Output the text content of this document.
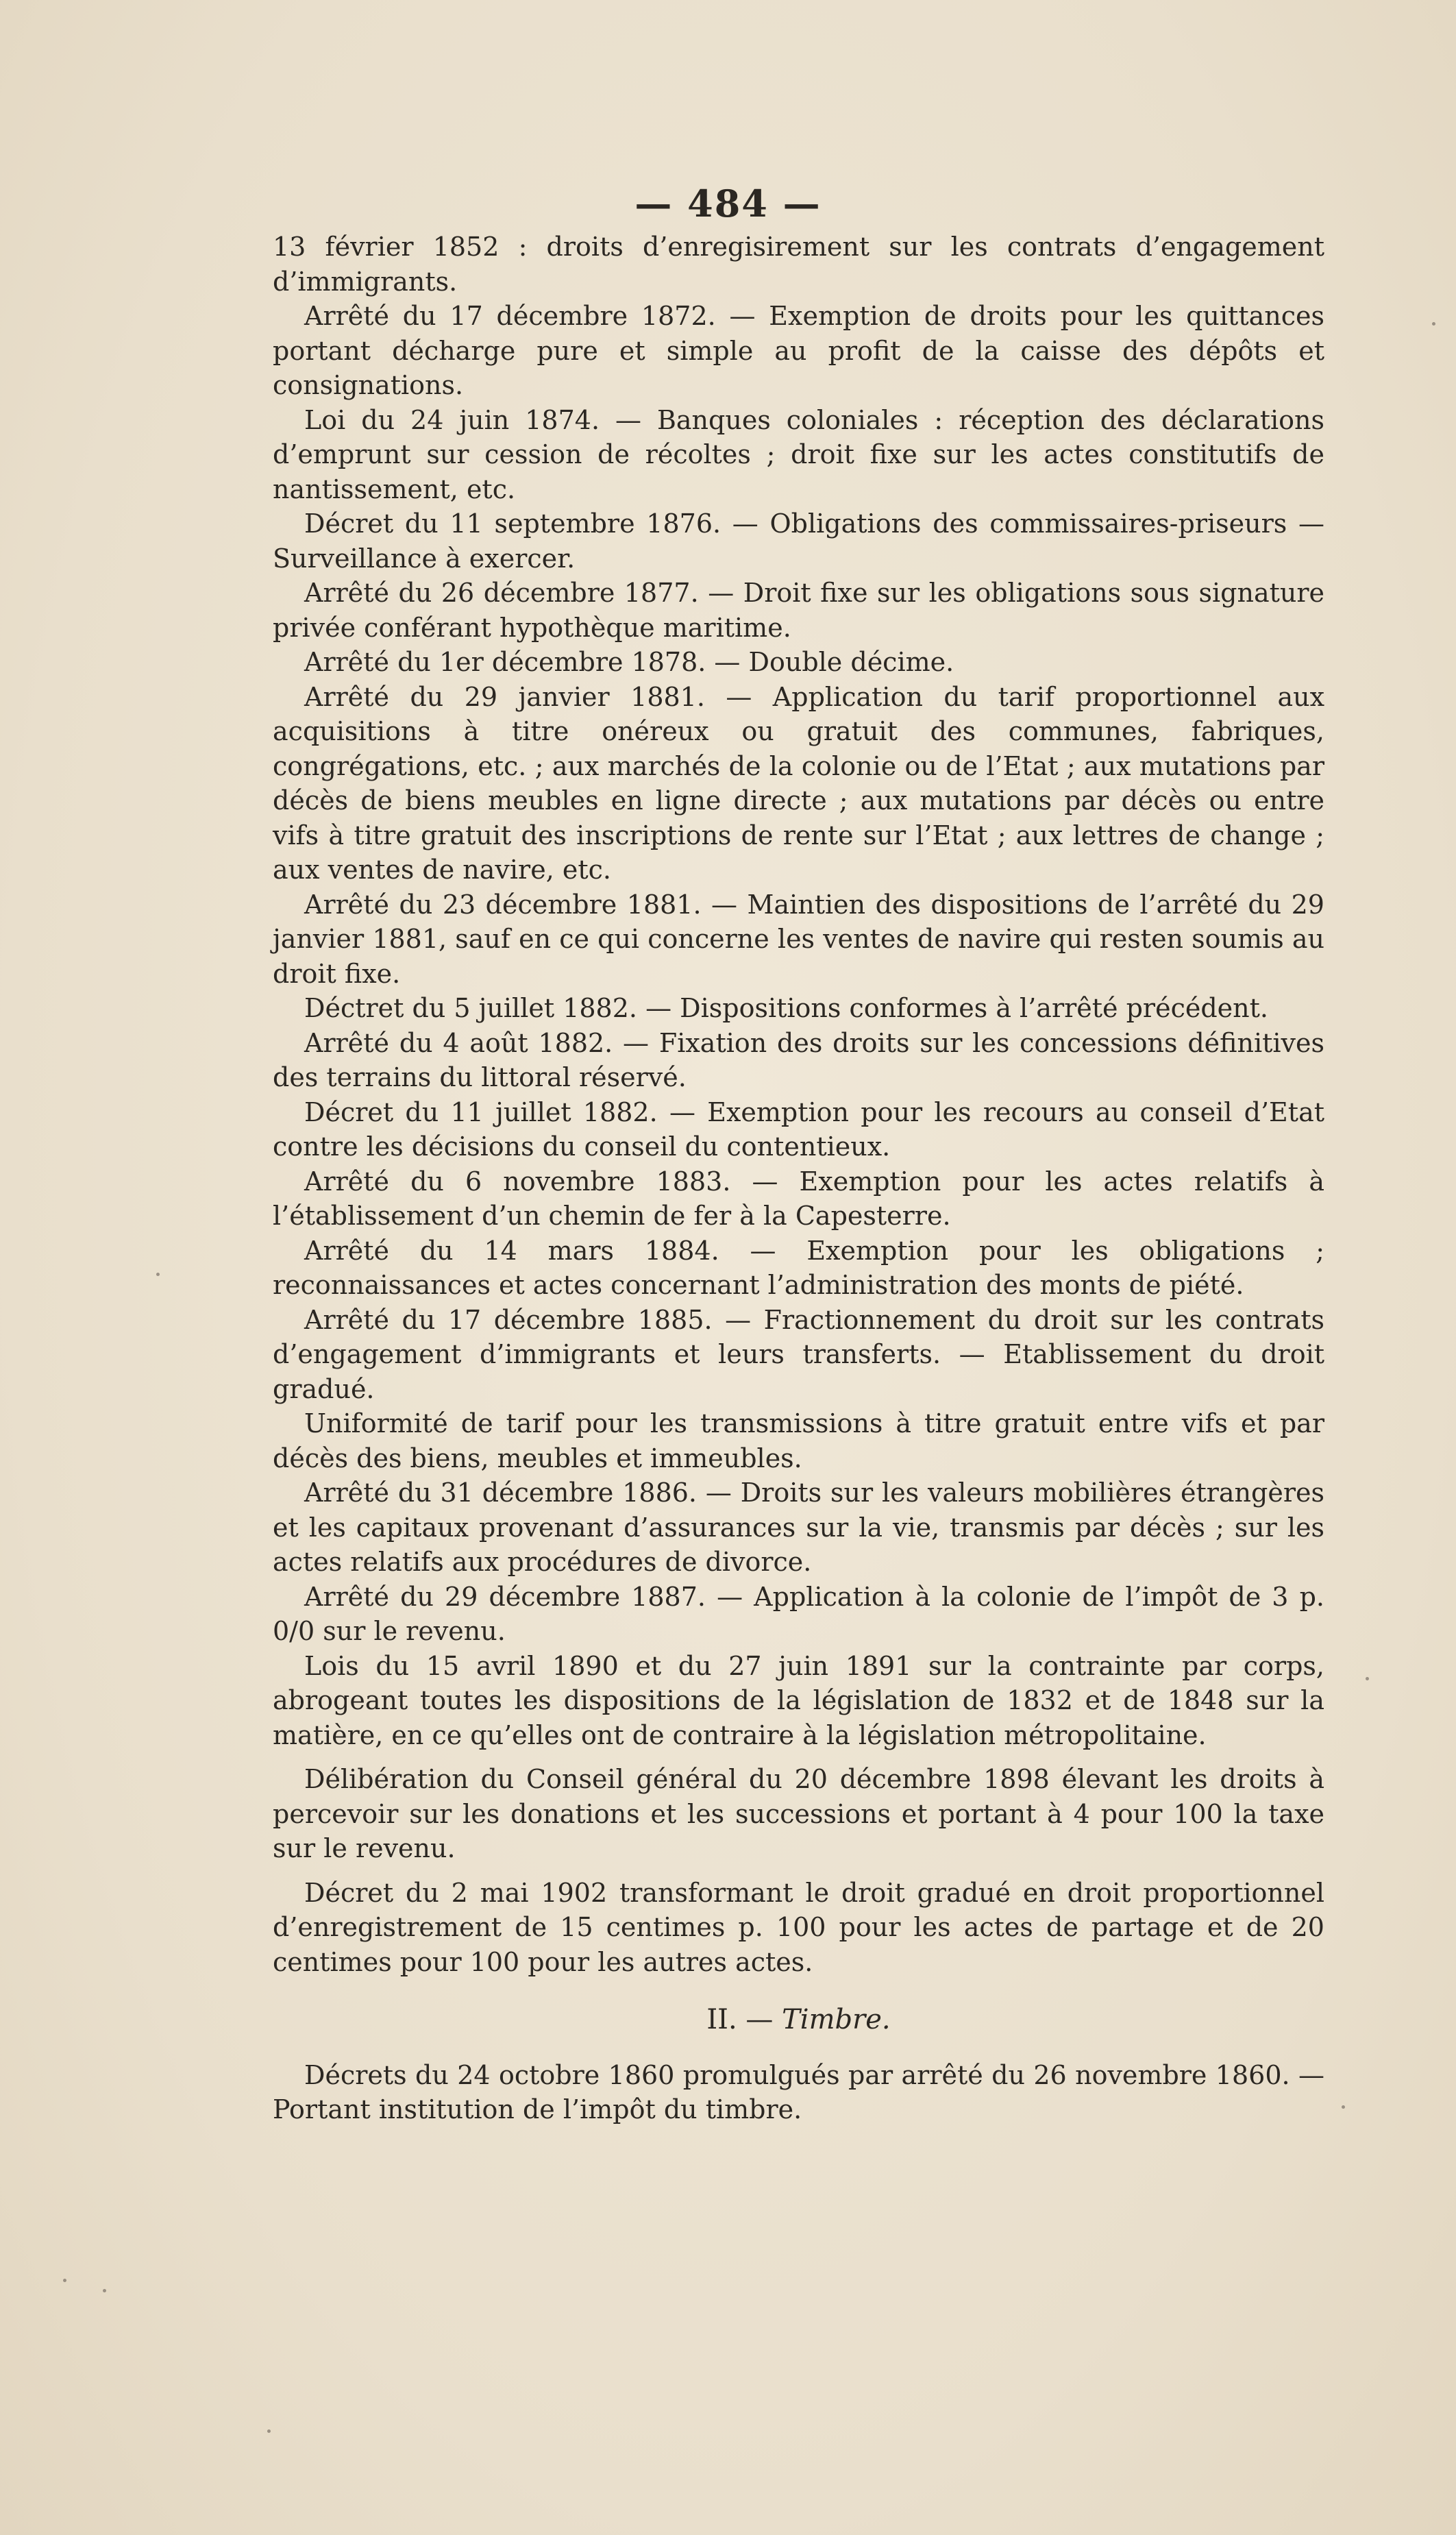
— 484 —

13 février 1852 : droits d’enregisirement sur les contrats d’engagement d’immigrants.

Arrêté du 17 décembre 1872. — Exemption de droits pour les quittances portant décharge pure et simple au profit de la caisse des dépôts et consignations.

Loi du 24 juin 1874. — Banques coloniales : réception des déclarations d’emprunt sur cession de récoltes ; droit fixe sur les actes constitutifs de nantissement, etc.

Décret du 11 septembre 1876. — Obligations des commissaires-priseurs — Surveillance à exercer.

Arrêté du 26 décembre 1877. — Droit fixe sur les obligations sous signature privée conférant hypothèque maritime.

Arrêté du 1er décembre 1878. — Double décime.

Arrêté du 29 janvier 1881. — Application du tarif proportionnel aux acquisitions à titre onéreux ou gratuit des communes, fabriques, congrégations, etc. ; aux marchés de la colonie ou de l’Etat ; aux mutations par décès de biens meubles en ligne directe ; aux mutations par décès ou entre vifs à titre gratuit des inscriptions de rente sur l’Etat ; aux lettres de change ; aux ventes de navire, etc.

Arrêté du 23 décembre 1881. — Maintien des dispositions de l’arrêté du 29 janvier 1881, sauf en ce qui concerne les ventes de navire qui resten soumis au droit fixe.

Déctret du 5 juillet 1882. — Dispositions conformes à l’arrêté précédent.

Arrêté du 4 août 1882. — Fixation des droits sur les concessions définitives des terrains du littoral réservé.

Décret du 11 juillet 1882. — Exemption pour les recours au conseil d’Etat contre les décisions du conseil du contentieux.

Arrêté du 6 novembre 1883. — Exemption pour les actes relatifs à l’établissement d’un chemin de fer à la Capesterre.

Arrêté du 14 mars 1884. — Exemption pour les obligations ; reconnaissances et actes concernant l’administration des monts de piété.

Arrêté du 17 décembre 1885. — Fractionnement du droit sur les contrats d’engagement d’immigrants et leurs transferts. — Etablissement du droit gradué.

Uniformité de tarif pour les transmissions à titre gratuit entre vifs et par décès des biens, meubles et immeubles.

Arrêté du 31 décembre 1886. — Droits sur les valeurs mobilières étrangères et les capitaux provenant d’assurances sur la vie, transmis par décès ; sur les actes relatifs aux procédures de divorce.

Arrêté du 29 décembre 1887. — Application à la colonie de l’impôt de 3 p. 0/0 sur le revenu.

Lois du 15 avril 1890 et du 27 juin 1891 sur la contrainte par corps, abrogeant toutes les dispositions de la législation de 1832 et de 1848 sur la matière, en ce qu’elles ont de contraire à la législation métropolitaine.

Délibération du Conseil général du 20 décembre 1898 élevant les droits à percevoir sur les donations et les successions et portant à 4 pour 100 la taxe sur le revenu.

Décret du 2 mai 1902 transformant le droit gradué en droit proportionnel d’enregistrement de 15 centimes p. 100 pour les actes de partage et de 20 centimes pour 100 pour les autres actes.

II. — Timbre.

Décrets du 24 octobre 1860 promulgués par arrêté du 26 novembre 1860. — Portant institution de l’impôt du timbre.
